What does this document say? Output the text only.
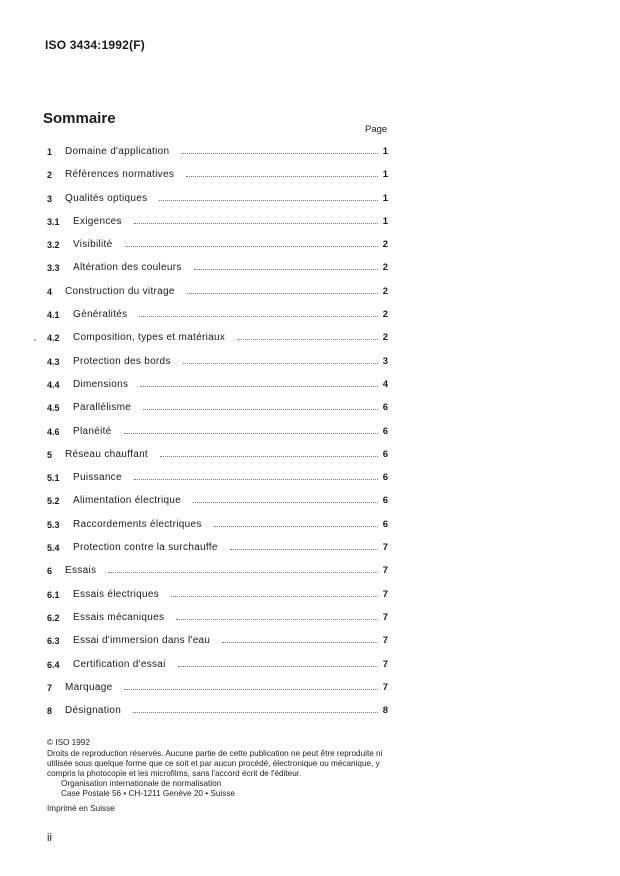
ISO 3434:1992(F)
Sommaire
Page
1 Domaine d'application	1
2 Références normatives	1
3 Qualités optiques	1
3.1 Exigences	1
3.2 Visibilité	2
3.3 Altération des couleurs	2
4 Construction du vitrage	2
4.1 Généralités	2
4.2 Composition, types et matériaux	2
4.3 Protection des bords	3
4.4 Dimensions	4
4.5 Parallélisme	6
4.6 Planéité	6
5 Réseau chauffant	6
5.1 Puissance	6
5.2 Alimentation électrique	6
5.3 Raccordements électriques	6
5.4 Protection contre la surchauffe	7
6 Essais	7
6.1 Essais électriques	7
6.2 Essais mécaniques	7
6.3 Essai d'immersion dans l'eau	7
6.4 Certification d'essai	7
7 Marquage	7
8 Désignation	8
© ISO 1992
Droits de reproduction réservés. Aucune partie de cette publication ne peut être reproduite ni utilisée sous quelque forme que ce soit et par aucun procédé, électronique ou mécanique, y compris la photocopie et les microfilms, sans l'accord écrit de l'éditeur.
Organisation internationale de normalisation
Case Postale 56 • CH-1211 Genève 20 • Suisse
Imprimé en Suisse
ii
